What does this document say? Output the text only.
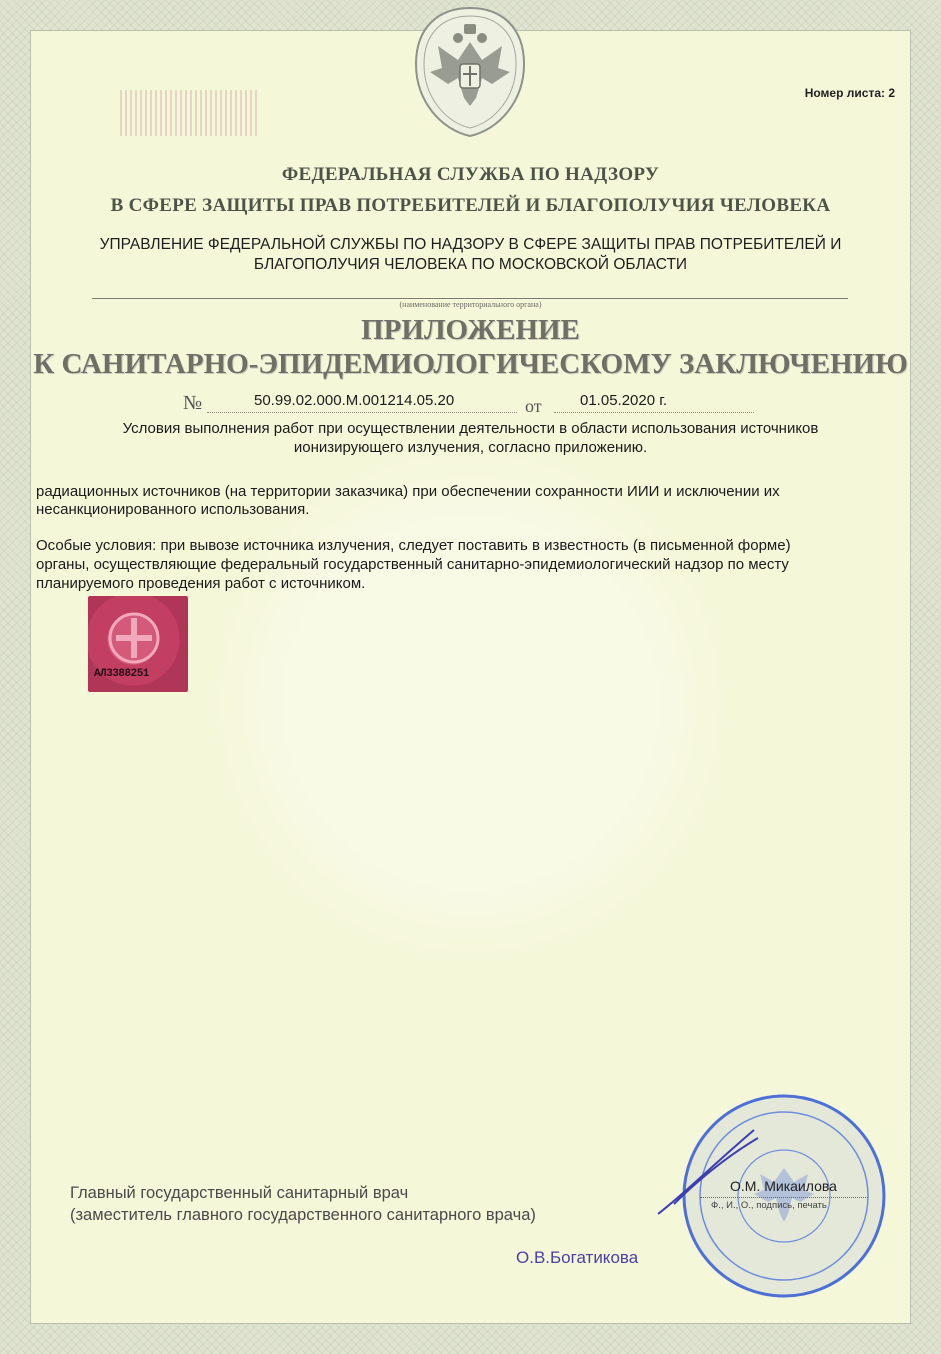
Номер листа: 2
ФЕДЕРАЛЬНАЯ СЛУЖБА ПО НАДЗОРУ
В СФЕРЕ ЗАЩИТЫ ПРАВ ПОТРЕБИТЕЛЕЙ И БЛАГОПОЛУЧИЯ ЧЕЛОВЕКА
УПРАВЛЕНИЕ ФЕДЕРАЛЬНОЙ СЛУЖБЫ ПО НАДЗОРУ В СФЕРЕ ЗАЩИТЫ ПРАВ ПОТРЕБИТЕЛЕЙ И
БЛАГОПОЛУЧИЯ ЧЕЛОВЕКА ПО МОСКОВСКОЙ ОБЛАСТИ
(наименование территориального органа)
ПРИЛОЖЕНИЕ
К САНИТАРНО-ЭПИДЕМИОЛОГИЧЕСКОМУ ЗАКЛЮЧЕНИЮ
№	50.99.02.000.М.001214.05.20	от	01.05.2020 г.
Условия выполнения работ при осуществлении деятельности в области использования источников
ионизирующего излучения, согласно приложению.
радиационных источников (на территории заказчика) при обеспечении сохранности ИИИ и исключении их
несанкционированного использования.
Особые условия: при вывозе источника излучения, следует поставить в известность (в письменной форме)
органы, осуществляющие федеральный государственный санитарно-эпидемиологический надзор по месту
планируемого проведения работ с источником.
АЛ3388251
Главный государственный санитарный врач
(заместитель главного государственного санитарного врача)
О.М. Микаилова
Ф., И., О., подпись, печать
О.В.Богатикова
